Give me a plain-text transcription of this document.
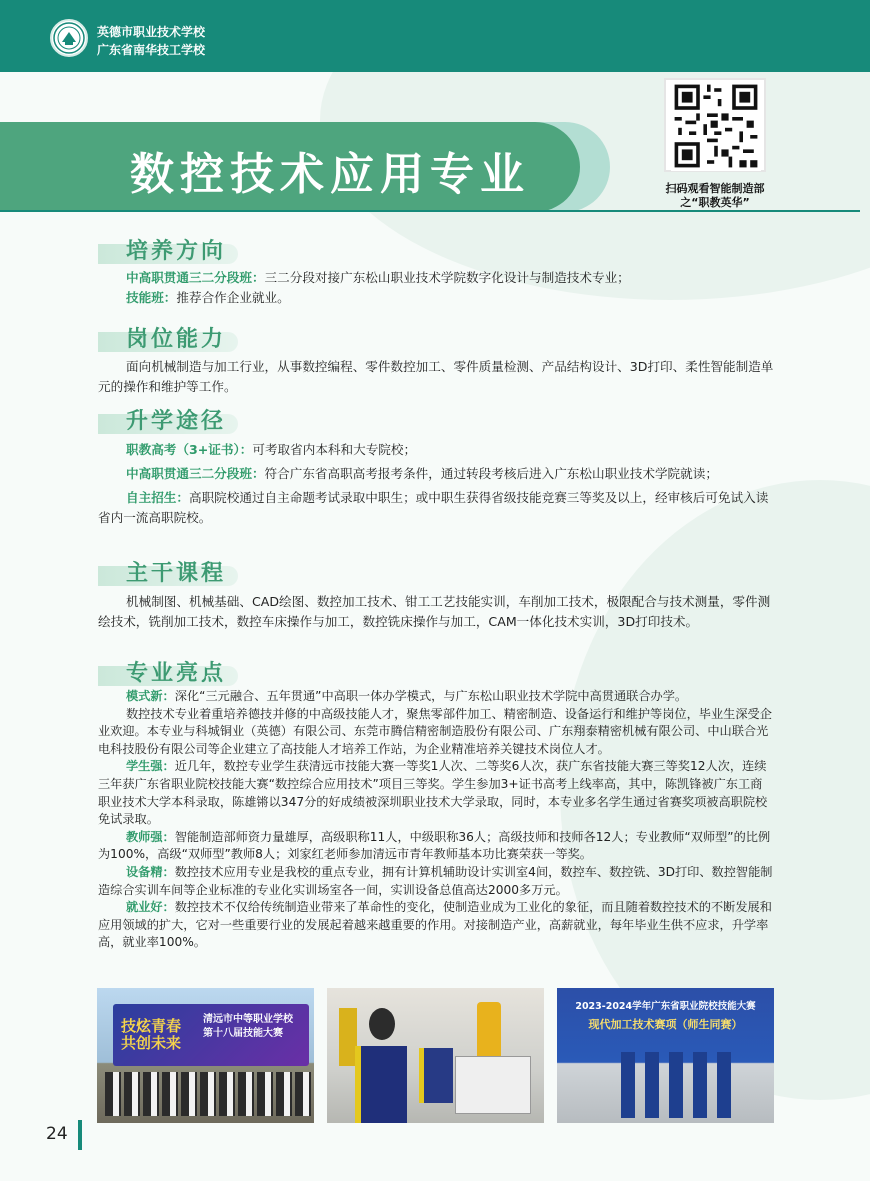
英德市职业技术学校
广东省南华技工学校
数控技术应用专业	扫码观看智能制造部
之“职教英华”
培养方向
中高职贯通三二分段班：三二分段对接广东松山职业技术学院数字化设计与制造技术专业；
技能班：推荐合作企业就业。
岗位能力
面向机械制造与加工行业，从事数控编程、零件数控加工、零件质量检测、产品结构设计、3D打印、柔性智能制造单元的操作和维护等工作。
升学途径
职教高考（3+证书）：可考取省内本科和大专院校；
中高职贯通三二分段班：符合广东省高职高考报考条件，通过转段考核后进入广东松山职业技术学院就读；
自主招生：高职院校通过自主命题考试录取中职生；或中职生获得省级技能竞赛三等奖及以上，经审核后可免试入读省内一流高职院校。
主干课程
机械制图、机械基础、CAD绘图、数控加工技术、钳工工艺技能实训，车削加工技术，极限配合与技术测量，零件测绘技术，铣削加工技术，数控车床操作与加工，数控铣床操作与加工，CAM一体化技术实训，3D打印技术。
专业亮点
模式新：深化“三元融合、五年贯通”中高职一体办学模式，与广东松山职业技术学院中高贯通联合办学。
数控技术专业着重培养德技并修的中高级技能人才，聚焦零部件加工、精密制造、设备运行和维护等岗位，毕业生深受企业欢迎。本专业与科城铜业（英德）有限公司、东莞市腾信精密制造股份有限公司、广东翔泰精密机械有限公司、中山联合光电科技股份有限公司等企业建立了高技能人才培养工作站，为企业精准培养关键技术岗位人才。
学生强：近几年，数控专业学生获清远市技能大赛一等奖1人次、二等奖6人次，获广东省技能大赛三等奖12人次，连续三年获广东省职业院校技能大赛“数控综合应用技术”项目三等奖。学生参加3+证书高考上线率高，其中，陈凯锋被广东工商职业技术大学本科录取，陈雄锵以347分的好成绩被深圳职业技术大学录取，同时，本专业多名学生通过省赛奖项被高职院校免试录取。
教师强：智能制造部师资力量雄厚，高级职称11人，中级职称36人；高级技师和技师各12人；专业教师“双师型”的比例为100%，高级“双师型”教师8人；刘家红老师参加清远市青年教师基本功比赛荣获一等奖。
设备精：数控技术应用专业是我校的重点专业，拥有计算机辅助设计实训室4间，数控车、数控铣、3D打印、数控智能制造综合实训车间等企业标准的专业化实训场室各一间，实训设备总值高达2000多万元。
就业好：数控技术不仅给传统制造业带来了革命性的变化，使制造业成为工业化的象征，而且随着数控技术的不断发展和应用领域的扩大，它对一些重要行业的发展起着越来越重要的作用。对接制造产业，高薪就业，每年毕业生供不应求，升学率高，就业率100%。
清远市中等职业学校
第十八届技能大赛
技炫青春 共创未来
2023-2024学年广东省职业院校技能大赛
现代加工技术赛项（师生同赛）
24
